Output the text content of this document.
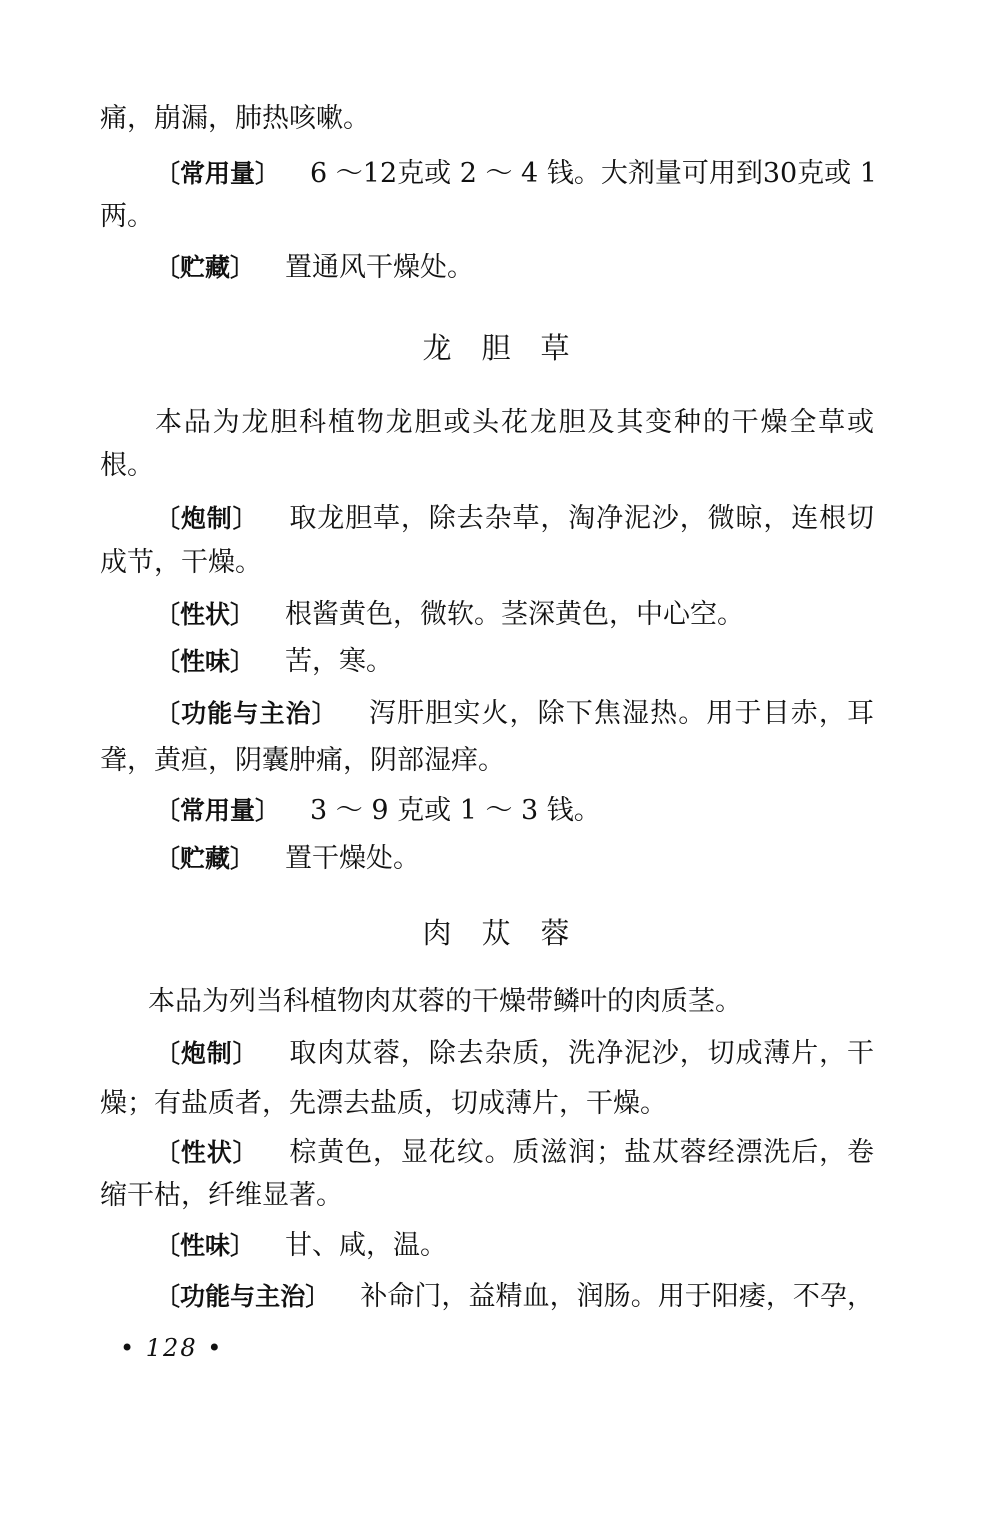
痛，崩漏，肺热咳嗽。
〔常用量〕 6 ～12克或 2 ～ 4 钱。大剂量可用到30克或 1
两。
〔贮藏〕 置通风干燥处。
龙胆草
本品为龙胆科植物龙胆或头花龙胆及其变种的干燥全草或
根。
〔炮制〕 取龙胆草，除去杂草，淘净泥沙，微晾，连根切
成节，干燥。
〔性状〕 根酱黄色，微软。茎深黄色，中心空。
〔性味〕 苦，寒。
〔功能与主治〕 泻肝胆实火，除下焦湿热。用于目赤，耳
聋，黄疸，阴囊肿痛，阴部湿痒。
〔常用量〕 3 ～ 9 克或 1 ～ 3 钱。
〔贮藏〕 置干燥处。
肉苁蓉
本品为列当科植物肉苁蓉的干燥带鳞叶的肉质茎。
〔炮制〕 取肉苁蓉，除去杂质，洗净泥沙，切成薄片，干
燥；有盐质者，先漂去盐质，切成薄片，干燥。
〔性状〕 棕黄色，显花纹。质滋润；盐苁蓉经漂洗后，卷
缩干枯，纤维显著。
〔性味〕 甘、咸，温。
〔功能与主治〕 补命门，益精血，润肠。用于阳痿，不孕，
• 128 •
